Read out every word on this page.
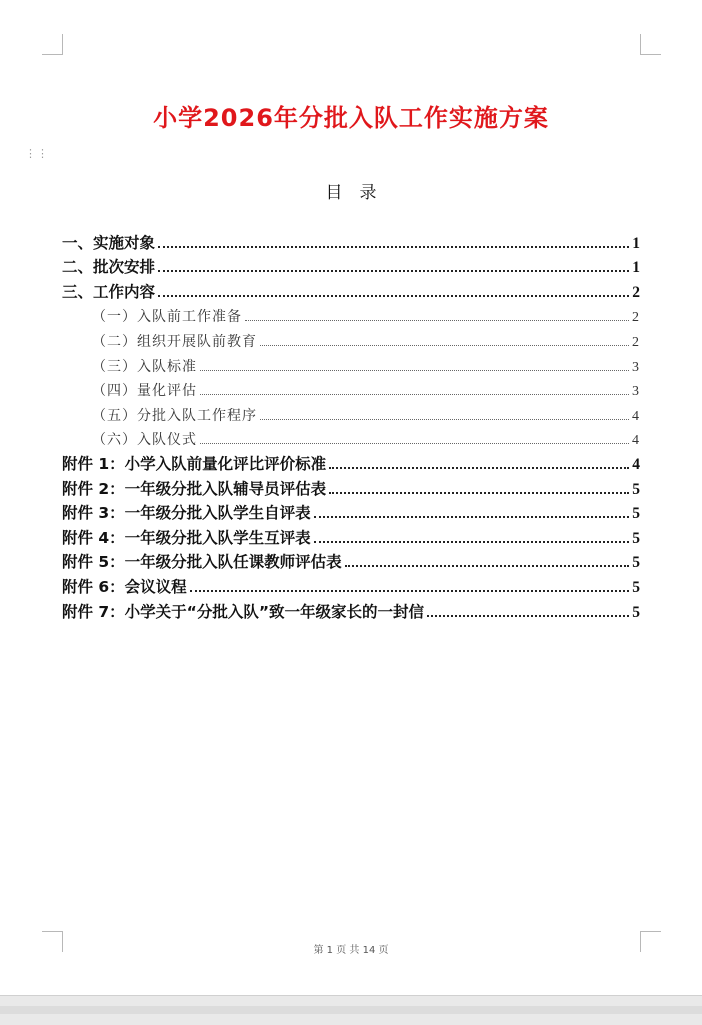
小学2026年分批入队工作实施方案
⋮⋮
目　录
一、实施对象	1
二、批次安排	1
三、工作内容	2
（一）入队前工作准备	2
（二）组织开展队前教育	2
（三）入队标准	3
（四）量化评估	3
（五）分批入队工作程序	4
（六）入队仪式	4
附件 1：小学入队前量化评比评价标准	4
附件 2：一年级分批入队辅导员评估表	5
附件 3：一年级分批入队学生自评表	5
附件 4：一年级分批入队学生互评表	5
附件 5：一年级分批入队任课教师评估表	5
附件 6：会议议程	5
附件 7：小学关于“分批入队”致一年级家长的一封信	5
第 1 页 共 14 页
